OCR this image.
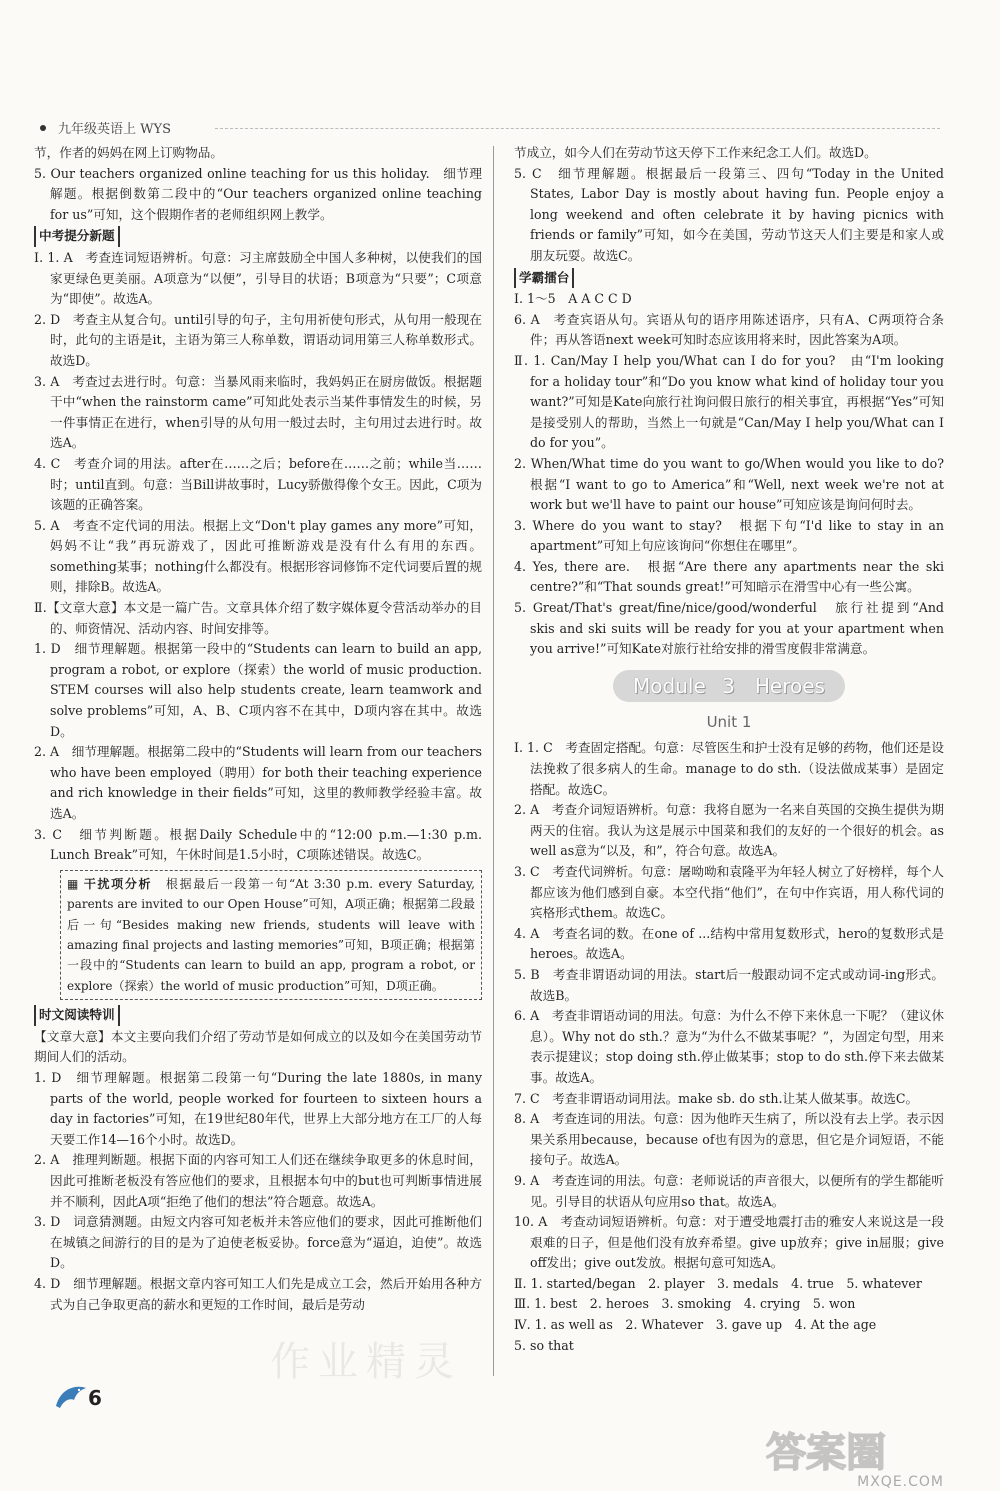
九年级英语上 WYS

节，作者的妈妈在网上订购物品。

5. Our teachers organized online teaching for us this holiday.　细节理解题。根据倒数第二段中的“Our teachers organized online teaching for us”可知，这个假期作者的老师组织网上教学。

中考提分新题

Ⅰ. 1. A　考查连词短语辨析。句意：习主席鼓励全中国人多种树，以使我们的国家更绿色更美丽。A项意为“以便”，引导目的状语；B项意为“只要”；C项意为“即使”。故选A。

2. D　考查主从复合句。until引导的句子，主句用祈使句形式，从句用一般现在时，此句的主语是it，主语为第三人称单数，谓语动词用第三人称单数形式。故选D。

3. A　考查过去进行时。句意：当暴风雨来临时，我妈妈正在厨房做饭。根据题干中“when the rainstorm came”可知此处表示当某件事情发生的时候，另一件事情正在进行，when引导的从句用一般过去时，主句用过去进行时。故选A。

4. C　考查介词的用法。after在……之后；before在……之前；while当……时；until直到。句意：当Bill讲故事时，Lucy骄傲得像个女王。因此，C项为该题的正确答案。

5. A　考查不定代词的用法。根据上文“Don't play games any more”可知，妈妈不让“我”再玩游戏了，因此可推断游戏是没有什么有用的东西。something某事；nothing什么都没有。根据形容词修饰不定代词要后置的规则，排除B。故选A。

Ⅱ.【文章大意】本文是一篇广告。文章具体介绍了数字媒体夏令营活动举办的目的、师资情况、活动内容、时间安排等。

1. D　细节理解题。根据第一段中的“Students can learn to build an app, program a robot, or explore（探索）the world of music production. STEM courses will also help students create, learn teamwork and solve problems”可知，A、B、C项内容不在其中，D项内容在其中。故选D。

2. A　细节理解题。根据第二段中的“Students will learn from our teachers who have been employed（聘用）for both their teaching experience and rich knowledge in their fields”可知，这里的教师教学经验丰富。故选A。

3. C　细节判断题。根据Daily Schedule中的“12:00 p.m.—1:30 p.m. Lunch Break”可知，午休时间是1.5小时，C项陈述错误。故选C。

▦ 干扰项分析　 根据最后一段第一句“At 3:30 p.m. every Saturday, parents are invited to our Open House”可知，A项正确；根据第二段最后一句“Besides making new friends, students will leave with amazing final projects and lasting memories”可知，B项正确；根据第一段中的“Students can learn to build an app, program a robot, or explore（探索）the world of music production”可知，D项正确。
时文阅读特训

【文章大意】本文主要向我们介绍了劳动节是如何成立的以及如今在美国劳动节期间人们的活动。

1. D　细节理解题。根据第二段第一句“During the late 1880s, in many parts of the world, people worked for fourteen to sixteen hours a day in factories”可知，在19世纪80年代，世界上大部分地方在工厂的人每天要工作14—16个小时。故选D。

2. A　推理判断题。根据下面的内容可知工人们还在继续争取更多的休息时间，因此可推断老板没有答应他们的要求，且根据本句中的but也可判断事情进展并不顺利，因此A项“拒绝了他们的想法”符合题意。故选A。

3. D　词意猜测题。由短文内容可知老板并未答应他们的要求，因此可推断他们在城镇之间游行的目的是为了迫使老板妥协。force意为“逼迫，迫使”。故选D。

4. D　细节理解题。根据文章内容可知工人们先是成立工会，然后开始用各种方式为自己争取更高的薪水和更短的工作时间，最后是劳动

节成立，如今人们在劳动节这天停下工作来纪念工人们。故选D。

5. C　细节理解题。根据最后一段第三、四句“Today in the United States, Labor Day is mostly about having fun. People enjoy a long weekend and often celebrate it by having picnics with friends or family”可知，如今在美国，劳动节这天人们主要是和家人或朋友玩耍。故选C。

学霸擂台

Ⅰ. 1～5　A A C C D

6. A　考查宾语从句。宾语从句的语序用陈述语序，只有A、C两项符合条件；再从答语next week可知时态应该用将来时，因此答案为A项。

Ⅱ. 1. Can/May I help you/What can I do for you?　由“I'm looking for a holiday tour”和“Do you know what kind of holiday tour you want?”可知是Kate向旅行社询问假日旅行的相关事宜，再根据“Yes”可知是接受别人的帮助，当然上一句就是“Can/May I help you/What can I do for you”。

2. When/What time do you want to go/When would you like to do?　根据“I want to go to America”和“Well, next week we're not at work but we'll have to paint our house”可知应该是询问何时去。

3. Where do you want to stay?　根据下句“I'd like to stay in an apartment”可知上句应该询问“你想住在哪里”。

4. Yes, there are.　根据“Are there any apartments near the ski centre?”和“That sounds great!”可知暗示在滑雪中心有一些公寓。

5. Great/That's great/fine/nice/good/wonderful　旅行社提到“And skis and ski suits will be ready for you at your apartment when you arrive!”可知Kate对旅行社给安排的滑雪度假非常满意。

Module 3　Heroes
Unit 1

Ⅰ. 1. C　考查固定搭配。句意：尽管医生和护士没有足够的药物，他们还是设法挽救了很多病人的生命。manage to do sth.（设法做成某事）是固定搭配。故选C。

2. A　考查介词短语辨析。句意：我将自愿为一名来自英国的交换生提供为期两天的住宿。我认为这是展示中国菜和我们的友好的一个很好的机会。as well as意为“以及，和”，符合句意。故选A。

3. C　考查代词辨析。句意：屠呦呦和袁隆平为年轻人树立了好榜样，每个人都应该为他们感到自豪。本空代指“他们”，在句中作宾语，用人称代词的宾格形式them。故选C。

4. A　考查名词的数。在one of ...结构中常用复数形式，hero的复数形式是heroes。故选A。

5. B　考查非谓语动词的用法。start后一般跟动词不定式或动词-ing形式。故选B。

6. A　考查非谓语动词的用法。句意：为什么不停下来休息一下呢？（建议休息）。Why not do sth.？意为“为什么不做某事呢？”，为固定句型，用来表示提建议；stop doing sth.停止做某事；stop to do sth.停下来去做某事。故选A。

7. C　考查非谓语动词用法。make sb. do sth.让某人做某事。故选C。

8. A　考查连词的用法。句意：因为他昨天生病了，所以没有去上学。表示因果关系用because，because of也有因为的意思，但它是介词短语，不能接句子。故选A。

9. A　考查连词的用法。句意：老师说话的声音很大，以便所有的学生都能听见。引导目的状语从句应用so that。故选A。

10. A　考查动词短语辨析。句意：对于遭受地震打击的雅安人来说这是一段艰难的日子，但是他们没有放弃希望。give up放弃；give in屈服；give off发出；give out发放。根据句意可知选A。

Ⅱ. 1. started/began　2. player　3. medals　4. true　5. whatever

Ⅲ. 1. best　2. heroes　3. smoking　4. crying　5. won

Ⅳ. 1. as well as　2. Whatever　3. gave up　4. At the age

5. so that

作业精灵
6
答案圈
MXQE.COM
